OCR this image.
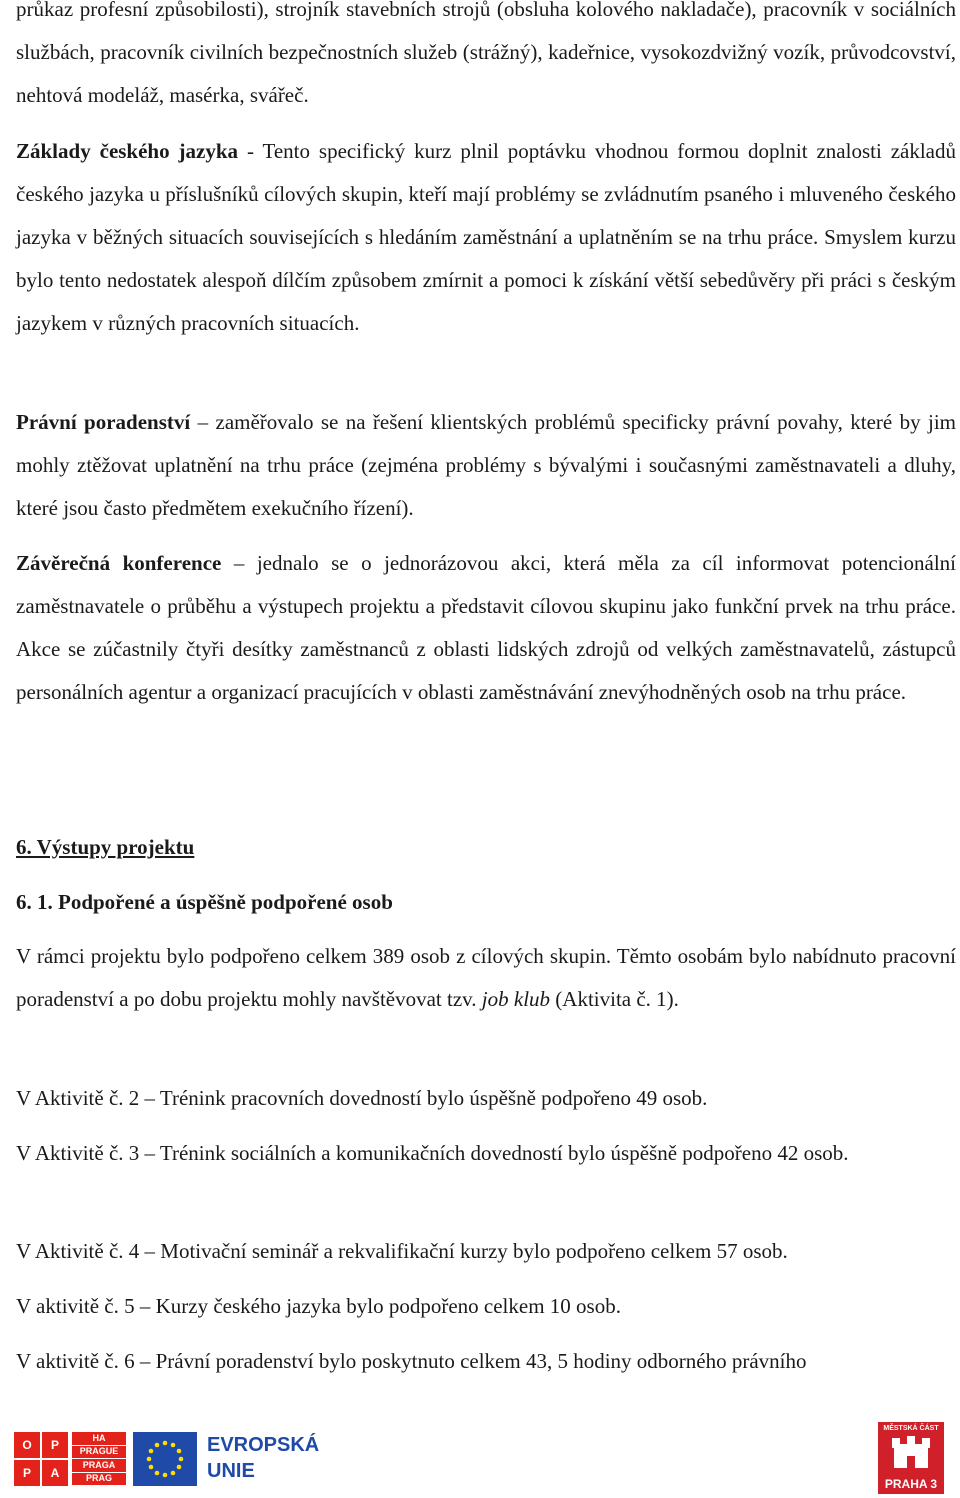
průkaz profesní způsobilosti), strojník stavebních strojů (obsluha kolového nakladače), pracovník v sociálních službách, pracovník civilních bezpečnostních služeb (strážný), kadeřnice, vysokozdvižný vozík, průvodcovství, nehtová modeláž, masérka, svářeč.

Základy českého jazyka - Tento specifický kurz plnil poptávku vhodnou formou doplnit znalosti základů českého jazyka u příslušníků cílových skupin, kteří mají problémy se zvládnutím psaného i mluveného českého jazyka v běžných situacích souvisejících s hledáním zaměstnání a uplatněním se na trhu práce. Smyslem kurzu bylo tento nedostatek alespoň dílčím způsobem zmírnit a pomoci k získání větší sebedůvěry při práci s českým jazykem v různých pracovních situacích.

Právní poradenství – zaměřovalo se na řešení klientských problémů specificky právní povahy, které by jim mohly ztěžovat uplatnění na trhu práce (zejména problémy s bývalými i současnými zaměstnavateli a dluhy, které jsou často předmětem exekučního řízení).

Závěrečná konference – jednalo se o jednorázovou akci, která měla za cíl informovat potencionální zaměstnavatele o průběhu a výstupech projektu a představit cílovou skupinu jako funkční prvek na trhu práce. Akce se zúčastnily čtyři desítky zaměstnanců z oblasti lidských zdrojů od velkých zaměstnavatelů, zástupců personálních agentur a organizací pracujících v oblasti zaměstnávání znevýhodněných osob na trhu práce.

6. Výstupy projektu
6. 1. Podpořené a úspěšně podpořené osob

V rámci projektu bylo podpořeno celkem 389 osob z cílových skupin. Těmto osobám bylo nabídnuto pracovní poradenství a po dobu projektu mohly navštěvovat tzv. job klub (Aktivita č. 1).

V Aktivitě č. 2 – Trénink pracovních dovedností bylo úspěšně podpořeno 49 osob.

V Aktivitě č. 3 – Trénink sociálních a komunikačních dovedností bylo úspěšně podpořeno 42 osob.

V Aktivitě č. 4 – Motivační seminář a rekvalifikační kurzy bylo podpořeno celkem 57 osob.

V aktivitě č. 5 – Kurzy českého jazyka bylo podpořeno celkem 10 osob.

V aktivitě č. 6 – Právní poradenství bylo poskytnuto celkem 43, 5 hodiny odborného právního

O	P
P	A
HA
PRAGUE
PRAGA
PRAG
EVROPSKÁ
UNIE
MĚSTSKÁ ČÁST
PRAHA 3
